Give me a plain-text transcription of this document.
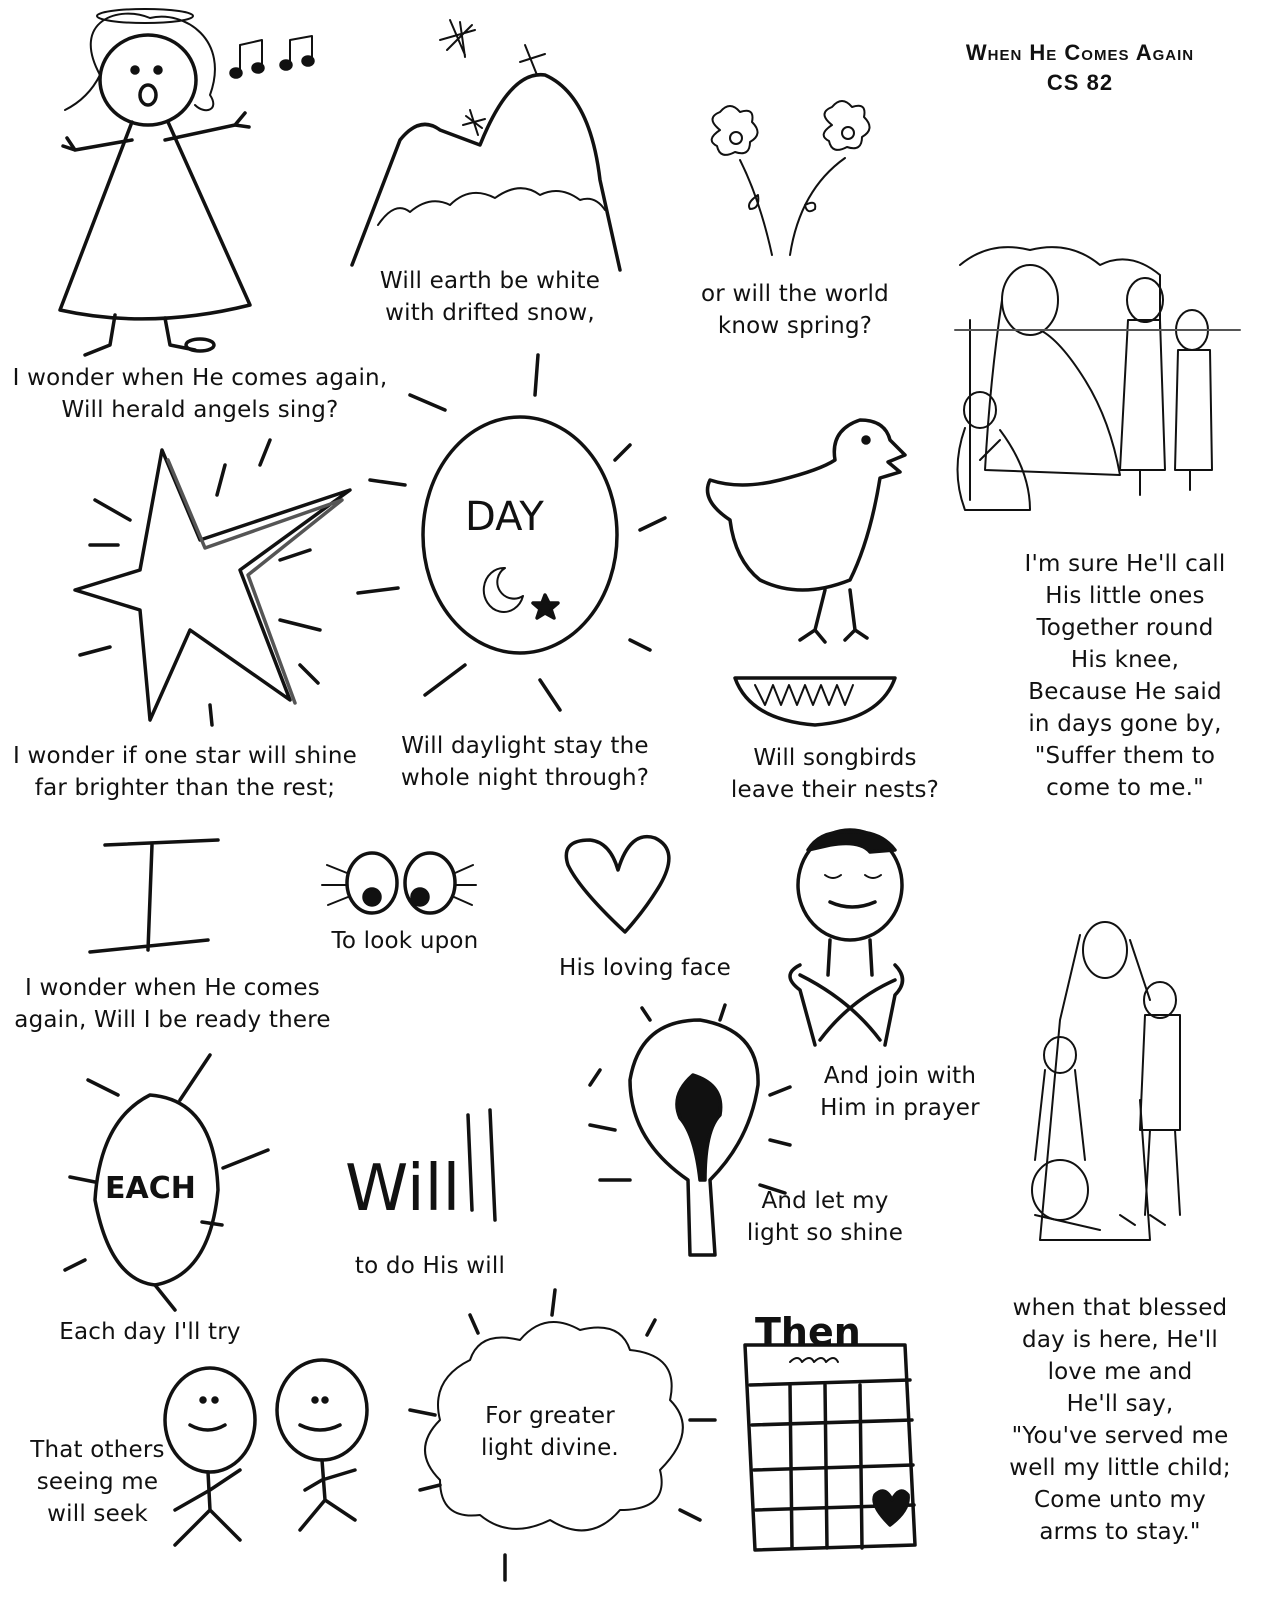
When He Comes Again
CS 82
DAY
EACH Will
Then
I wonder when He comes again,
Will herald angels sing?
Will earth be white
with drifted snow,
or will the world
know spring?
I wonder if one star will shine
far brighter than the rest;
Will daylight stay the
whole night through?
Will songbirds
leave their nests?
I'm sure He'll call
His little ones
Together round
His knee,
Because He said
in days gone by,
"Suffer them to
come to me."
I wonder when He comes
again, Will I be ready there
To look upon
His loving face
And join with
Him in prayer
Each day I'll try
to do His will
And let my
light so shine
That others
seeing me
will seek
For greater
light divine.
when that blessed
day is here, He'll
love me and
He'll say,
"You've served me
well my little child;
Come unto my
arms to stay."
